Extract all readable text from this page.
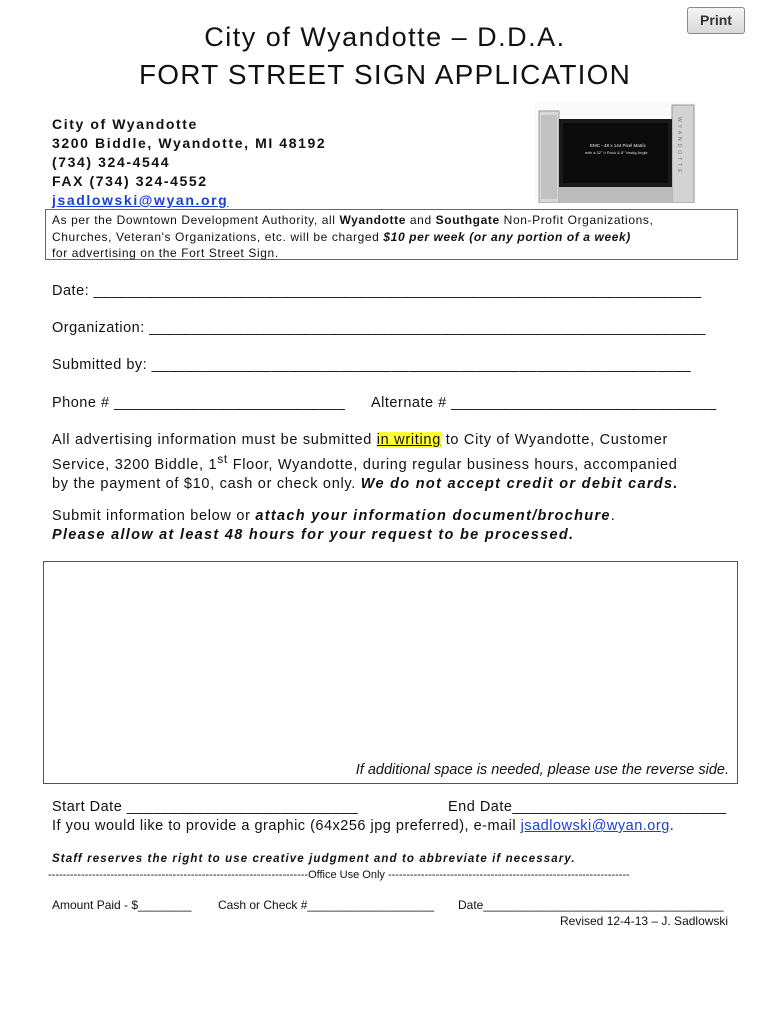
Print
City of Wyandotte – D.D.A.
FORT STREET SIGN APPLICATION
City of Wyandotte
3200 Biddle, Wyandotte, MI 48192
(734) 324-4544
FAX (734) 324-4552
jsadlowski@wyan.org
EMC - 48 x 144 Pixel Matrix
with a 32" h Rock & 8" Vestig Angle	WYANDOTTE
As per the Downtown Development Authority, all Wyandotte and Southgate Non-Profit Organizations,
Churches, Veteran's Organizations, etc. will be charged $10 per week (or any portion of a week)
for advertising on the Fort Street Sign.
Date: _______________________________________________________________________
Organization: _________________________________________________________________
Submitted by: _______________________________________________________________
Phone # ___________________________ Alternate # _______________________________
All advertising information must be submitted in writing to City of Wyandotte, Customer
Service, 3200 Biddle, 1st Floor, Wyandotte, during regular business hours, accompanied
by the payment of $10, cash or check only. We do not accept credit or debit cards.
Submit information below or attach your information document/brochure.
Please allow at least 48 hours for your request to be processed.
If additional space is needed, please use the reverse side.
Start Date ___________________________	End Date_________________________
If you would like to provide a graphic (64x256 jpg preferred), e-mail jsadlowski@wyan.org.
Staff reserves the right to use creative judgment and to abbreviate if necessary.
-----------------------------------------------------------------------Office Use Only ------------------------------------------------------------------
Amount Paid - $________ Cash or Check #___________________ Date____________________________________
Revised 12-4-13 – J. Sadlowski
